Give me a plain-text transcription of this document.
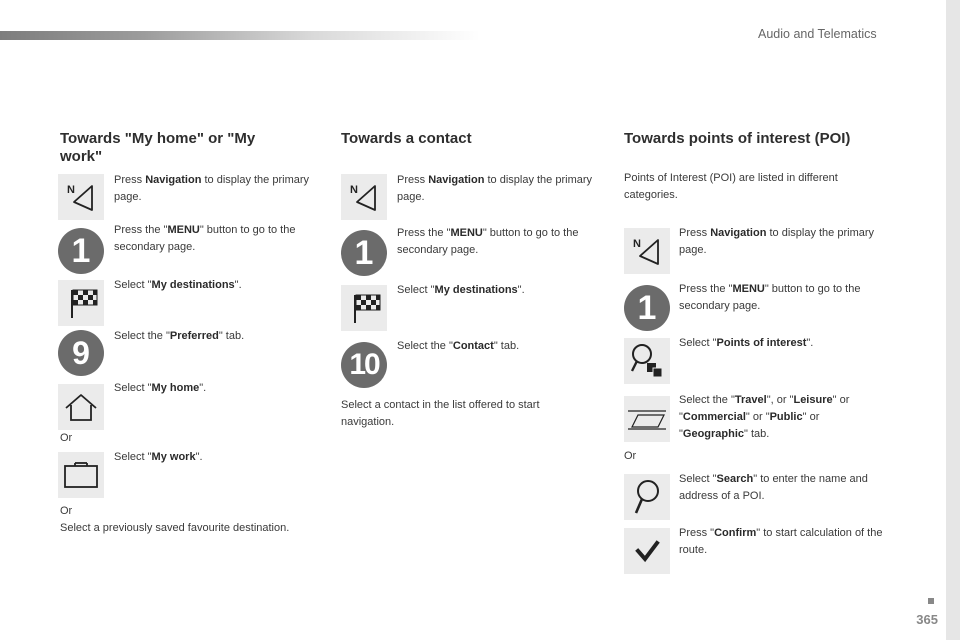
Audio and Telematics
Towards "My home" or "My work"
N
Press Navigation to display the primary page.
1
Press the "MENU" button to go to the secondary page.
Select "My destinations".
9	Select the "Preferred" tab.
Select "My home".
Or
Select "My work".
Or
Select a previously saved favourite destination.
Towards a contact
N
Press Navigation to display the primary page.
1
Press the "MENU" button to go to the secondary page.
Select "My destinations".
10
Select the "Contact" tab.
Select a contact in the list offered to start navigation.
Towards points of interest (POI)
Points of Interest (POI) are listed in different categories.
N
Press Navigation to display the primary page.
1	Press the "MENU" button to go to the secondary page.
Select "Points of interest".
Select the "Travel", or "Leisure" or "Commercial" or "Public" or "Geographic" tab.
Or
Select "Search" to enter the name and address of a POI.
Press "Confirm" to start calculation of the route.
365
